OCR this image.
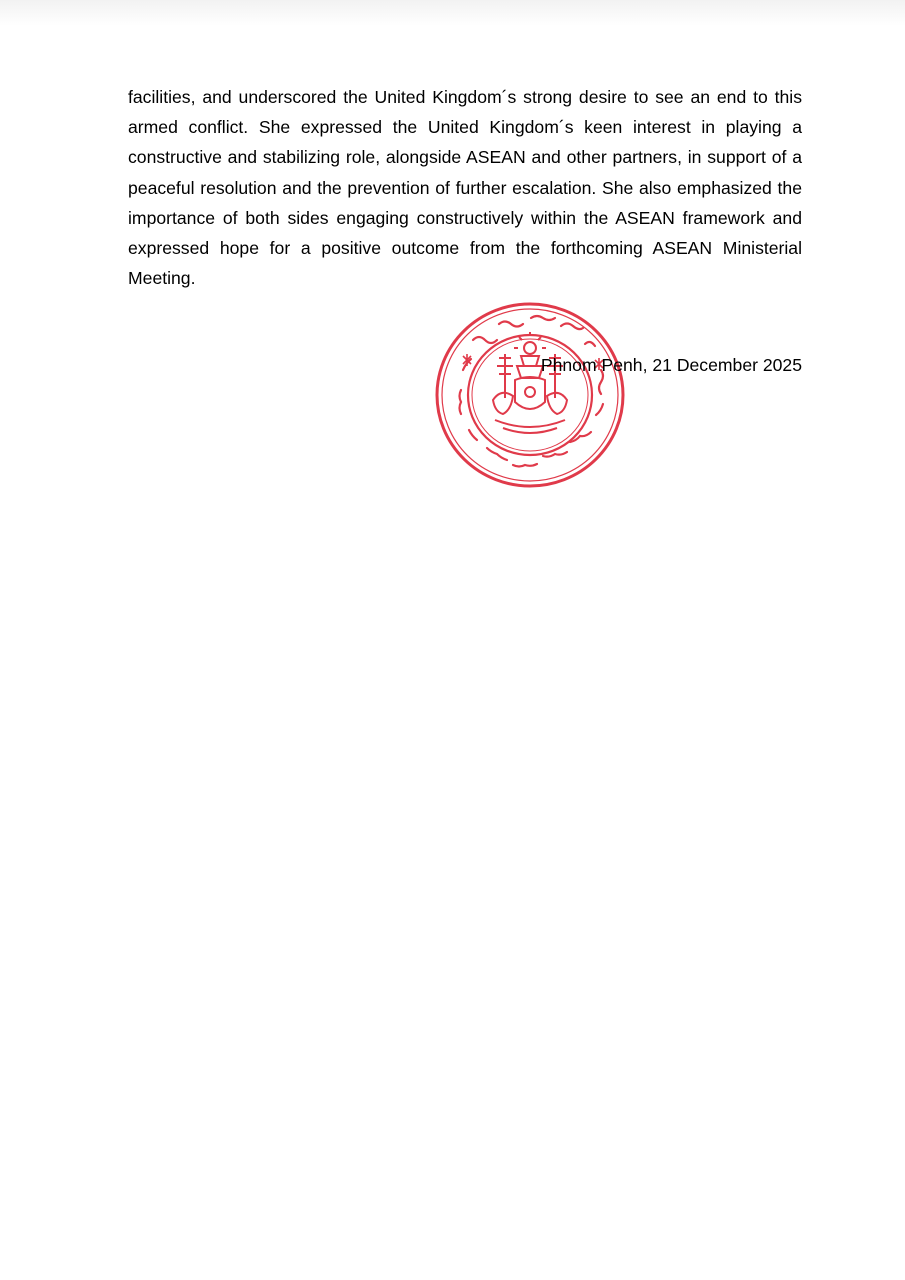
facilities, and underscored the United Kingdom´s strong desire to see an end to this armed conflict. She expressed the United Kingdom´s keen interest in playing a constructive and stabilizing role, alongside ASEAN and other partners, in support of a peaceful resolution and the prevention of further escalation. She also emphasized the importance of both sides engaging constructively within the ASEAN framework and expressed hope for a positive outcome from the forthcoming ASEAN Ministerial Meeting.

Phnom Penh, 21 December 2025
